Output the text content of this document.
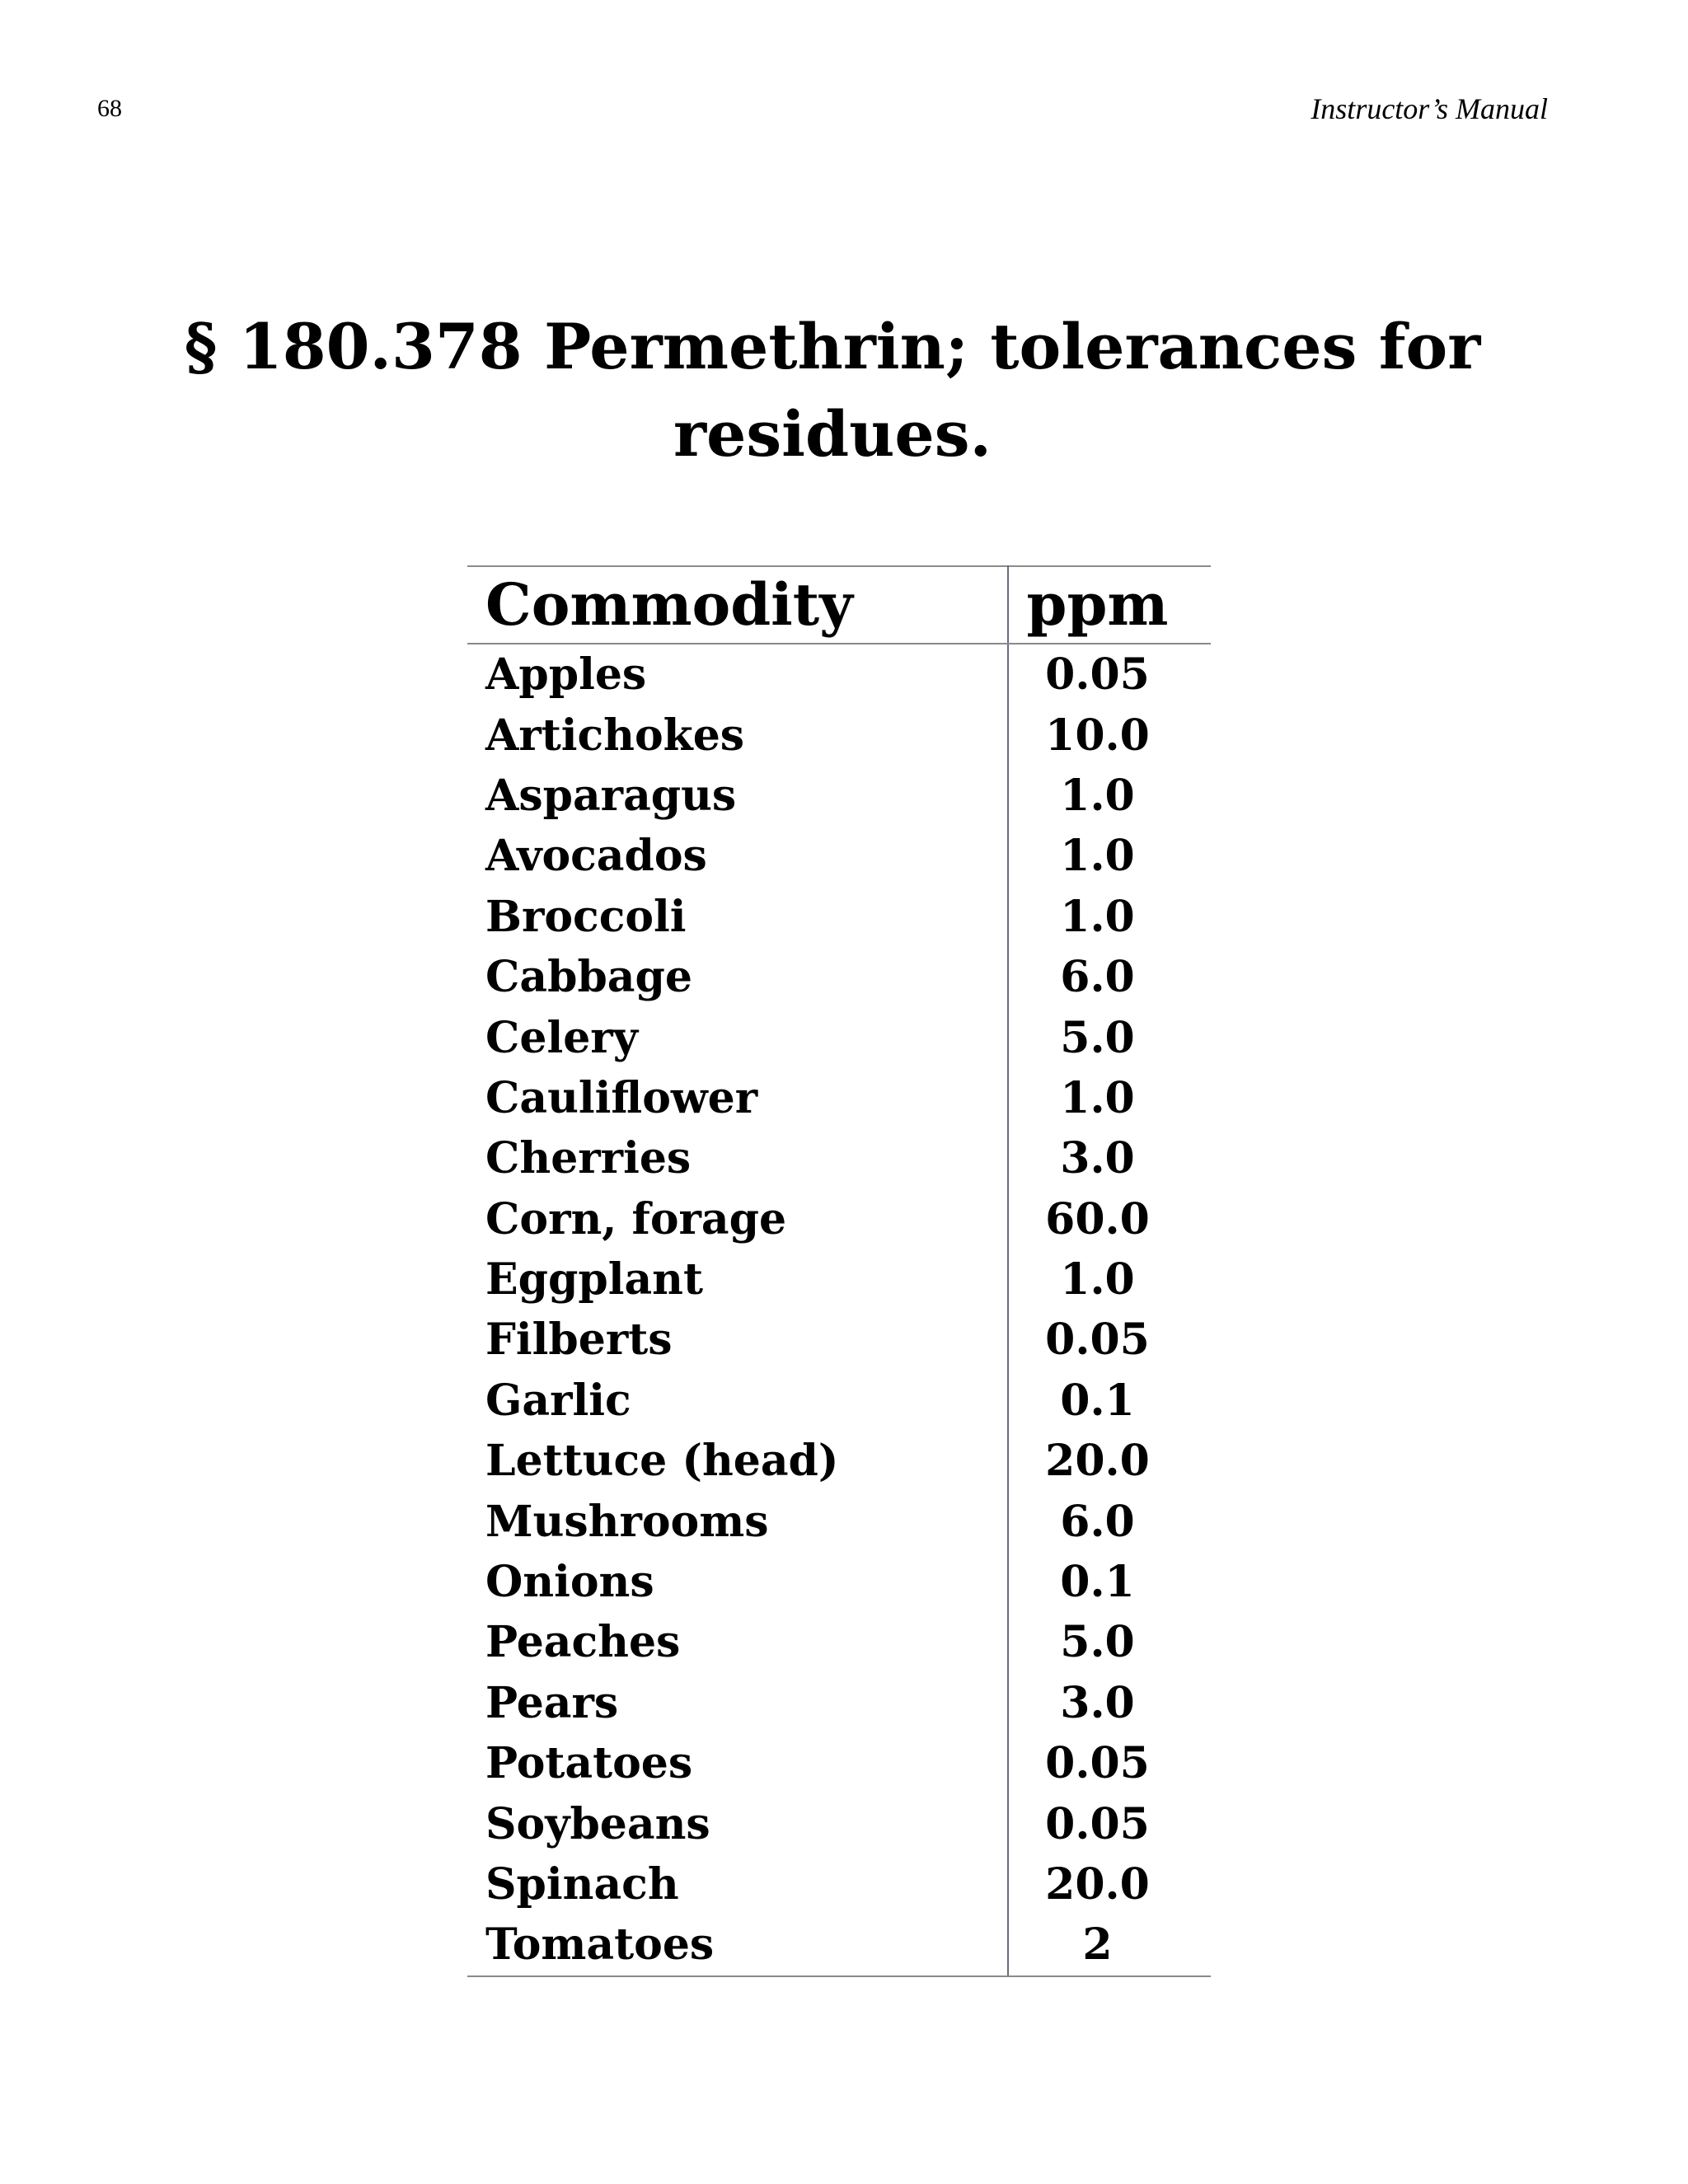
68	Instructor’s Manual
§ 180.378 Permethrin; tolerances for
residues.
Commodity	ppm
Apples	0.05
Artichokes	10.0
Asparagus	1.0
Avocados	1.0
Broccoli	1.0
Cabbage	6.0
Celery	5.0
Cauliflower	1.0
Cherries	3.0
Corn, forage	60.0
Eggplant	1.0
Filberts	0.05
Garlic	0.1
Lettuce (head)	20.0
Mushrooms	6.0
Onions	0.1
Peaches	5.0
Pears	3.0
Potatoes	0.05
Soybeans	0.05
Spinach	20.0
Tomatoes	2
